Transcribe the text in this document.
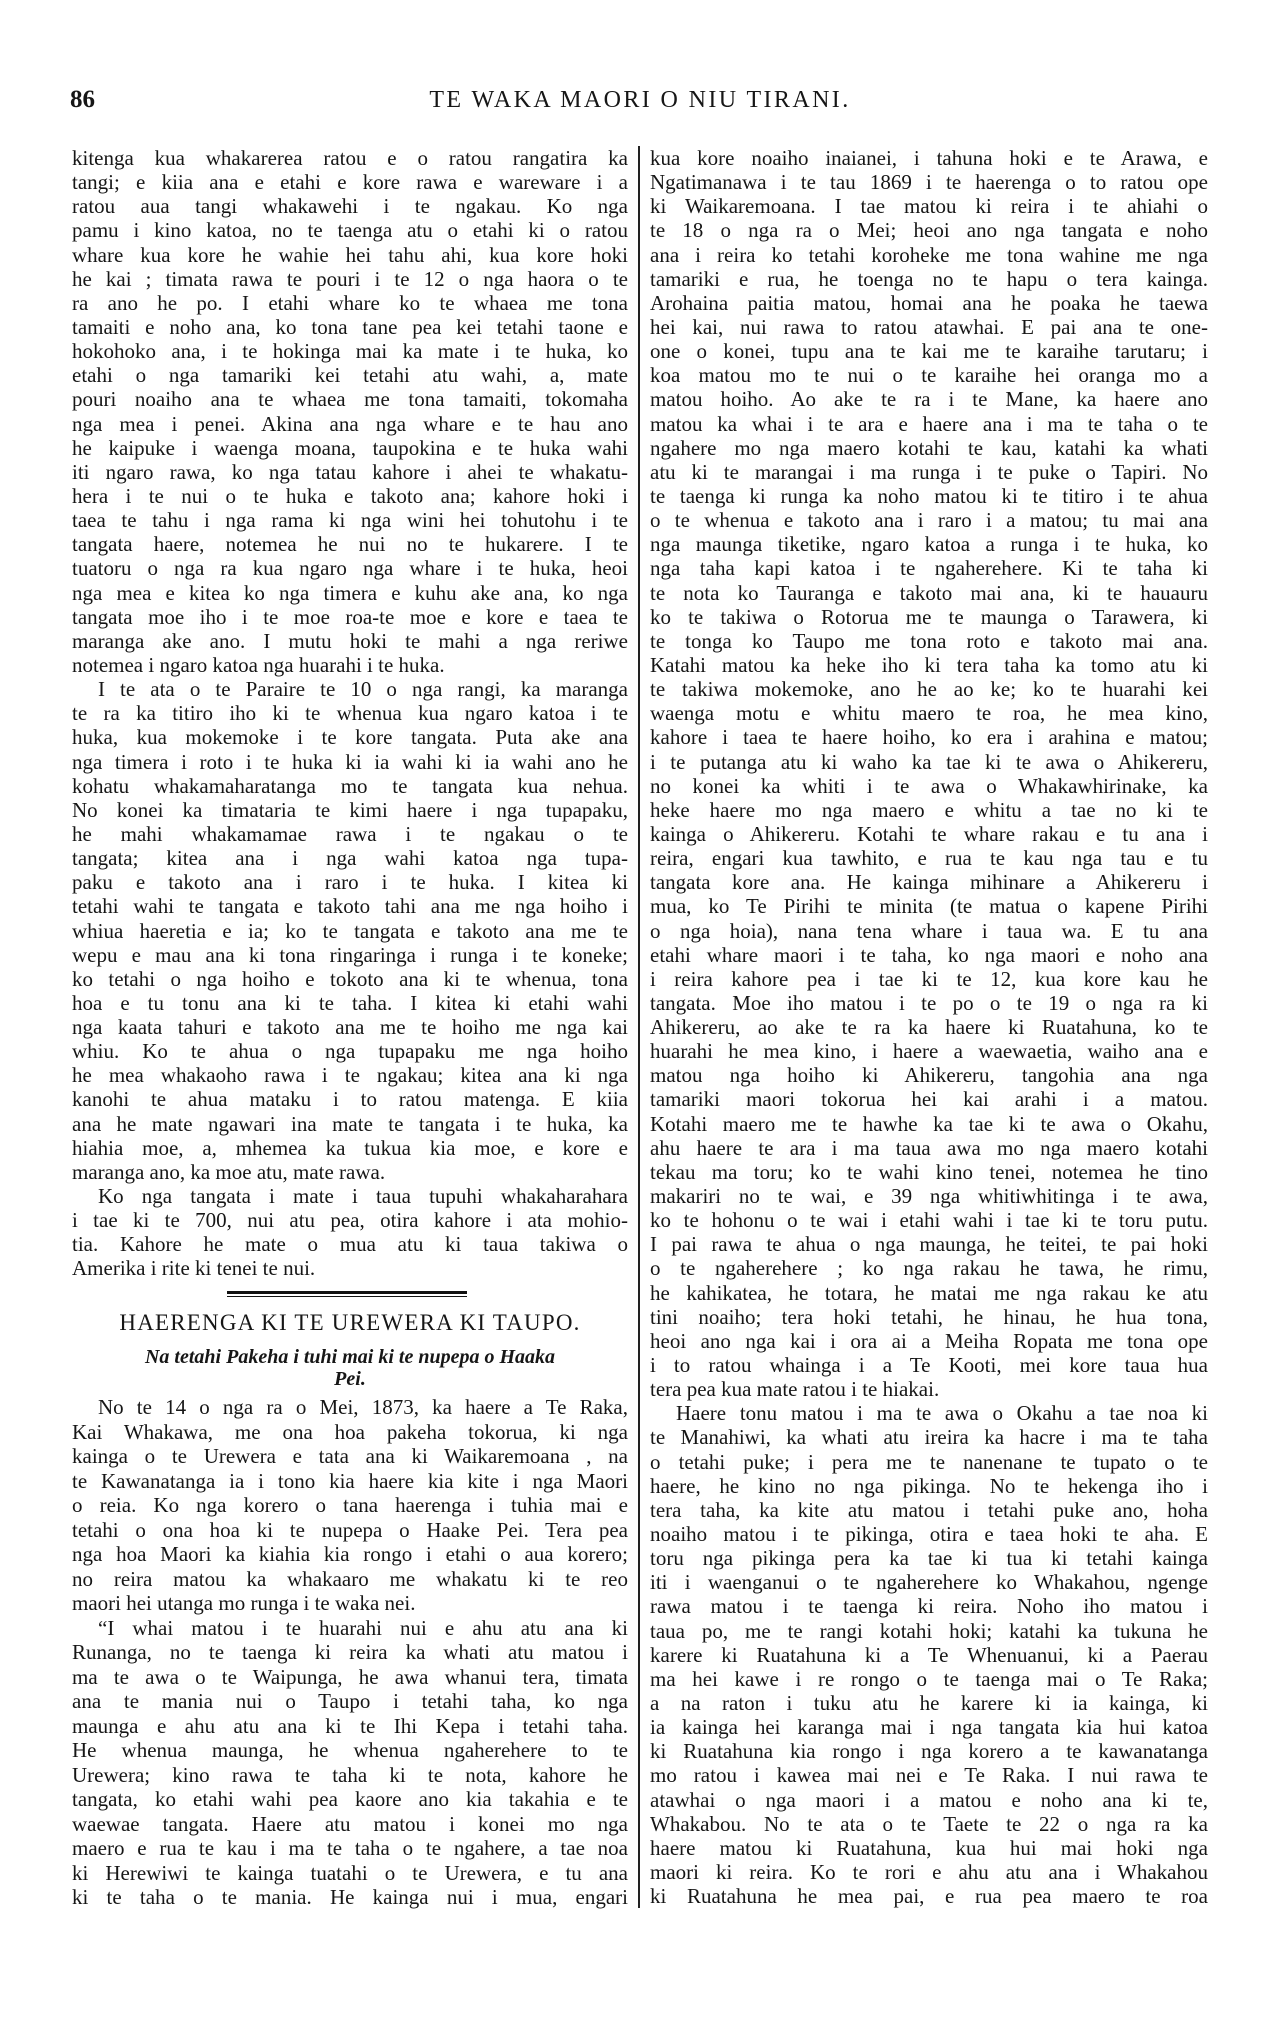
86	TE WAKA MAORI O NIU TIRANI.
kitenga kua whakarerea ratou e o ratou rangatira ka
tangi; e kiia ana e etahi e kore rawa e wareware i a
ratou aua tangi whakawehi i te ngakau. Ko nga
pamu i kino katoa, no te taenga atu o etahi ki o ratou
whare kua kore he wahie hei tahu ahi, kua kore hoki
he kai ; timata rawa te pouri i te 12 o nga haora o te
ra ano he po. I etahi whare ko te whaea me tona
tamaiti e noho ana, ko tona tane pea kei tetahi taone e
hokohoko ana, i te hokinga mai ka mate i te huka, ko
etahi o nga tamariki kei tetahi atu wahi, a, mate
pouri noaiho ana te whaea me tona tamaiti, tokomaha
nga mea i penei. Akina ana nga whare e te hau ano
he kaipuke i waenga moana, taupokina e te huka wahi
iti ngaro rawa, ko nga tatau kahore i ahei te whakatu-
hera i te nui o te huka e takoto ana; kahore hoki i
taea te tahu i nga rama ki nga wini hei tohutohu i te
tangata haere, notemea he nui no te hukarere. I te
tuatoru o nga ra kua ngaro nga whare i te huka, heoi
nga mea e kitea ko nga timera e kuhu ake ana, ko nga
tangata moe iho i te moe roa-te moe e kore e taea te
maranga ake ano. I mutu hoki te mahi a nga reriwe
notemea i ngaro katoa nga huarahi i te huka.
I te ata o te Paraire te 10 o nga rangi, ka maranga
te ra ka titiro iho ki te whenua kua ngaro katoa i te
huka, kua mokemoke i te kore tangata. Puta ake ana
nga timera i roto i te huka ki ia wahi ki ia wahi ano he
kohatu whakamaharatanga mo te tangata kua nehua.
No konei ka timataria te kimi haere i nga tupapaku,
he mahi whakamamae rawa i te ngakau o te
tangata; kitea ana i nga wahi katoa nga tupa-
paku e takoto ana i raro i te huka. I kitea ki
tetahi wahi te tangata e takoto tahi ana me nga hoiho i
whiua haeretia e ia; ko te tangata e takoto ana me te
wepu e mau ana ki tona ringaringa i runga i te koneke;
ko tetahi o nga hoiho e tokoto ana ki te whenua, tona
hoa e tu tonu ana ki te taha. I kitea ki etahi wahi
nga kaata tahuri e takoto ana me te hoiho me nga kai
whiu. Ko te ahua o nga tupapaku me nga hoiho
he mea whakaoho rawa i te ngakau; kitea ana ki nga
kanohi te ahua mataku i to ratou matenga. E kiia
ana he mate ngawari ina mate te tangata i te huka, ka
hiahia moe, a, mhemea ka tukua kia moe, e kore e
maranga ano, ka moe atu, mate rawa.
Ko nga tangata i mate i taua tupuhi whakaharahara
i tae ki te 700, nui atu pea, otira kahore i ata mohio-
tia. Kahore he mate o mua atu ki taua takiwa o
Amerika i rite ki tenei te nui.
HAERENGA KI TE UREWERA KI TAUPO.
Na tetahi Pakeha i tuhi mai ki te nupepa o Haaka
Pei.
No te 14 o nga ra o Mei, 1873, ka haere a Te Raka,
Kai Whakawa, me ona hoa pakeha tokorua, ki nga
kainga o te Urewera e tata ana ki Waikaremoana , na
te Kawanatanga ia i tono kia haere kia kite i nga Maori
o reia. Ko nga korero o tana haerenga i tuhia mai e
tetahi o ona hoa ki te nupepa o Haake Pei. Tera pea
nga hoa Maori ka kiahia kia rongo i etahi o aua korero;
no reira matou ka whakaaro me whakatu ki te reo
maori hei utanga mo runga i te waka nei.
“I whai matou i te huarahi nui e ahu atu ana ki
Runanga, no te taenga ki reira ka whati atu matou i
ma te awa o te Waipunga, he awa whanui tera, timata
ana te mania nui o Taupo i tetahi taha, ko nga
maunga e ahu atu ana ki te Ihi Kepa i tetahi taha.
He whenua maunga, he whenua ngaherehere to te
Urewera; kino rawa te taha ki te nota, kahore he
tangata, ko etahi wahi pea kaore ano kia takahia e te
waewae tangata. Haere atu matou i konei mo nga
maero e rua te kau i ma te taha o te ngahere, a tae noa
ki Herewiwi te kainga tuatahi o te Urewera, e tu ana
ki te taha o te mania. He kainga nui i mua, engari
kua kore noaiho inaianei, i tahuna hoki e te Arawa, e
Ngatimanawa i te tau 1869 i te haerenga o to ratou ope
ki Waikaremoana. I tae matou ki reira i te ahiahi o
te 18 o nga ra o Mei; heoi ano nga tangata e noho
ana i reira ko tetahi koroheke me tona wahine me nga
tamariki e rua, he toenga no te hapu o tera kainga.
Arohaina paitia matou, homai ana he poaka he taewa
hei kai, nui rawa to ratou atawhai. E pai ana te one-
one o konei, tupu ana te kai me te karaihe tarutaru; i
koa matou mo te nui o te karaihe hei oranga mo a
matou hoiho. Ao ake te ra i te Mane, ka haere ano
matou ka whai i te ara e haere ana i ma te taha o te
ngahere mo nga maero kotahi te kau, katahi ka whati
atu ki te marangai i ma runga i te puke o Tapiri. No
te taenga ki runga ka noho matou ki te titiro i te ahua
o te whenua e takoto ana i raro i a matou; tu mai ana
nga maunga tiketike, ngaro katoa a runga i te huka, ko
nga taha kapi katoa i te ngaherehere. Ki te taha ki
te nota ko Tauranga e takoto mai ana, ki te hauauru
ko te takiwa o Rotorua me te maunga o Tarawera, ki
te tonga ko Taupo me tona roto e takoto mai ana.
Katahi matou ka heke iho ki tera taha ka tomo atu ki
te takiwa mokemoke, ano he ao ke; ko te huarahi kei
waenga motu e whitu maero te roa, he mea kino,
kahore i taea te haere hoiho, ko era i arahina e matou;
i te putanga atu ki waho ka tae ki te awa o Ahikereru,
no konei ka whiti i te awa o Whakawhirinake, ka
heke haere mo nga maero e whitu a tae no ki te
kainga o Ahikereru. Kotahi te whare rakau e tu ana i
reira, engari kua tawhito, e rua te kau nga tau e tu
tangata kore ana. He kainga mihinare a Ahikereru i
mua, ko Te Pirihi te minita (te matua o kapene Pirihi
o nga hoia), nana tena whare i taua wa. E tu ana
etahi whare maori i te taha, ko nga maori e noho ana
i reira kahore pea i tae ki te 12, kua kore kau he
tangata. Moe iho matou i te po o te 19 o nga ra ki
Ahikereru, ao ake te ra ka haere ki Ruatahuna, ko te
huarahi he mea kino, i haere a waewaetia, waiho ana e
matou nga hoiho ki Ahikereru, tangohia ana nga
tamariki maori tokorua hei kai arahi i a matou.
Kotahi maero me te hawhe ka tae ki te awa o Okahu,
ahu haere te ara i ma taua awa mo nga maero kotahi
tekau ma toru; ko te wahi kino tenei, notemea he tino
makariri no te wai, e 39 nga whitiwhitinga i te awa,
ko te hohonu o te wai i etahi wahi i tae ki te toru putu.
I pai rawa te ahua o nga maunga, he teitei, te pai hoki
o te ngaherehere ; ko nga rakau he tawa, he rimu,
he kahikatea, he totara, he matai me nga rakau ke atu
tini noaiho; tera hoki tetahi, he hinau, he hua tona,
heoi ano nga kai i ora ai a Meiha Ropata me tona ope
i to ratou whainga i a Te Kooti, mei kore taua hua
tera pea kua mate ratou i te hiakai.
Haere tonu matou i ma te awa o Okahu a tae noa ki
te Manahiwi, ka whati atu ireira ka hacre i ma te taha
o tetahi puke; i pera me te nanenane te tupato o te
haere, he kino no nga pikinga. No te hekenga iho i
tera taha, ka kite atu matou i tetahi puke ano, hoha
noaiho matou i te pikinga, otira e taea hoki te aha. E
toru nga pikinga pera ka tae ki tua ki tetahi kainga
iti i waenganui o te ngaherehere ko Whakahou, ngenge
rawa matou i te taenga ki reira. Noho iho matou i
taua po, me te rangi kotahi hoki; katahi ka tukuna he
karere ki Ruatahuna ki a Te Whenuanui, ki a Paerau
ma hei kawe i re rongo o te taenga mai o Te Raka;
a na raton i tuku atu he karere ki ia kainga, ki
ia kainga hei karanga mai i nga tangata kia hui katoa
ki Ruatahuna kia rongo i nga korero a te kawanatanga
mo ratou i kawea mai nei e Te Raka. I nui rawa te
atawhai o nga maori i a matou e noho ana ki te,
Whakabou. No te ata o te Taete te 22 o nga ra ka
haere matou ki Ruatahuna, kua hui mai hoki nga
maori ki reira. Ko te rori e ahu atu ana i Whakahou
ki Ruatahuna he mea pai, e rua pea maero te roa
